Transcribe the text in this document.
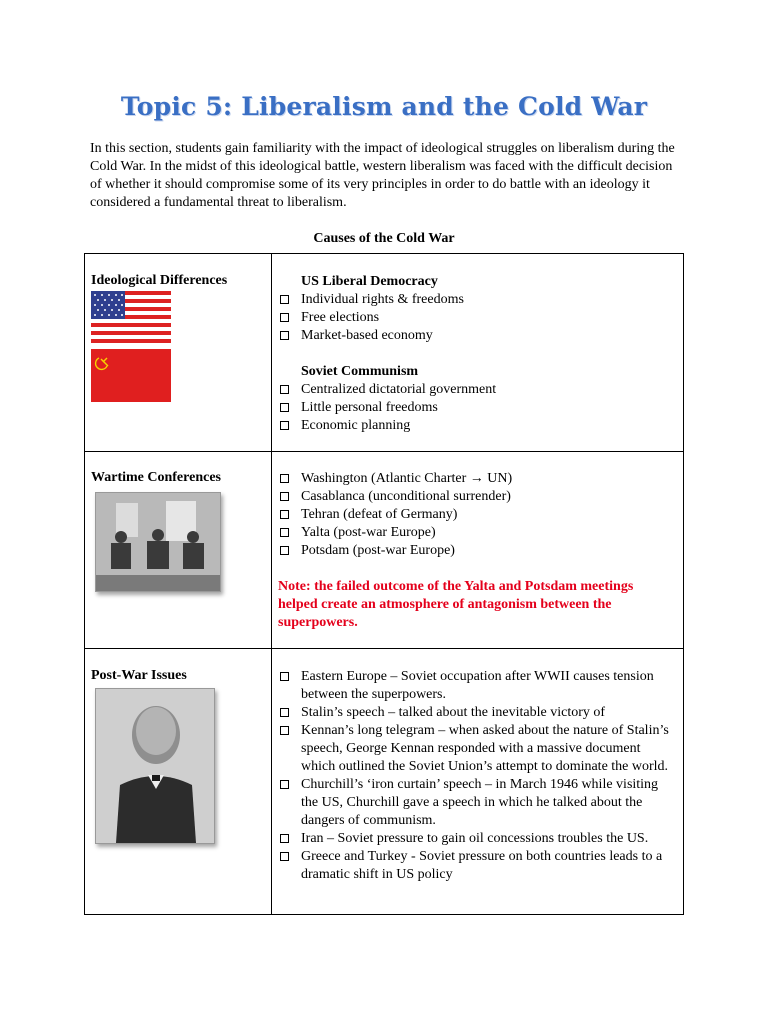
Topic 5: Liberalism and the Cold War
In this section, students gain familiarity with the impact of ideological struggles on liberalism during the Cold War. In the midst of this ideological battle, western liberalism was faced with the difficult decision of whether it should compromise some of its very principles in order to do battle with an ideology it considered a fundamental threat to liberalism.
Causes of the Cold War
Ideological Differences	US Liberal Democracy
Individual rights & freedoms
Free elections
Market-based economy
Soviet Communism
Centralized dictatorial government
Little personal freedoms
Economic planning
Wartime Conferences	Washington (Atlantic Charter → UN)
Casablanca (unconditional surrender)
Tehran (defeat of Germany)
Yalta (post-war Europe)
Potsdam (post-war Europe)
Note: the failed outcome of the Yalta and Potsdam meetings helped create an atmosphere of antagonism between the superpowers.
Post-War Issues	Eastern Europe – Soviet occupation after WWII causes tension between the superpowers.
Stalin’s speech – talked about the inevitable victory of
Kennan’s long telegram – when asked about the nature of Stalin’s speech, George Kennan responded with a massive document which outlined the Soviet Union’s attempt to dominate the world.
Churchill’s ‘iron curtain’ speech – in March 1946 while visiting the US, Churchill gave a speech in which he talked about the dangers of communism.
Iran – Soviet pressure to gain oil concessions troubles the US.
Greece and Turkey - Soviet pressure on both countries leads to a dramatic shift in US policy
